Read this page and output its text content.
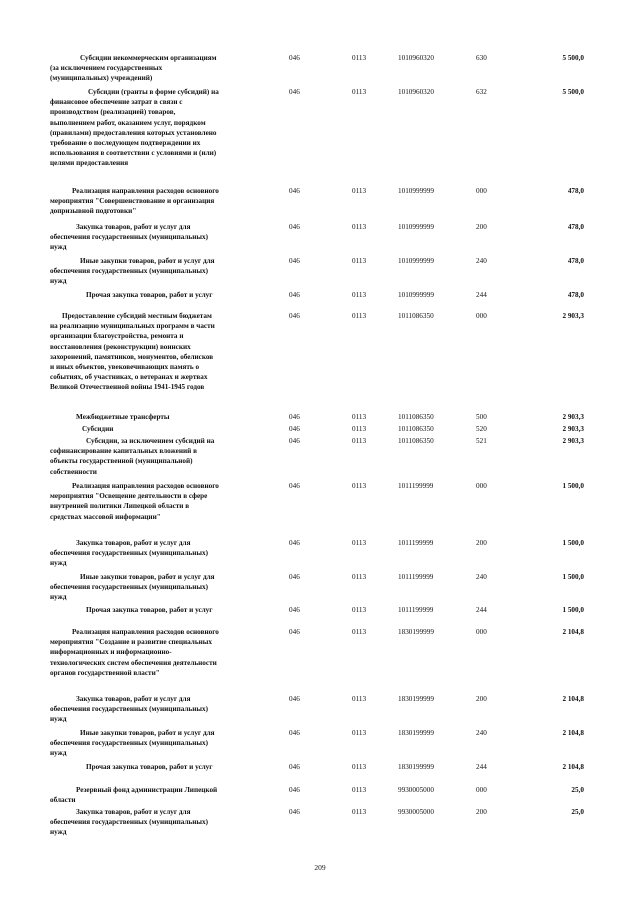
Субсидии некоммерческим организациям
(за исключением государственных
(муниципальных) учреждений)
046	0113	1010960320	630	5 500,0
Субсидии (гранты в форме субсидий) на
финансовое обеспечение затрат в связи с
производством (реализацией) товаров,
выполнением работ, оказанием услуг, порядком
(правилами) предоставления которых установлено
требование о последующем подтверждении их
использования в соответствии с условиями и (или)
целями предоставления
046	0113	1010960320	632	5 500,0
Реализация направления расходов основного
мероприятия "Совершенствование и организация
допризывной подготовки"
046	0113	1010999999	000	478,0
Закупка товаров, работ и услуг для
обеспечения государственных (муниципальных)
нужд
046	0113	1010999999	200	478,0
Иные закупки товаров, работ и услуг для
обеспечения государственных (муниципальных)
нужд
046	0113	1010999999	240	478,0
Прочая закупка товаров, работ и услуг	046	0113	1010999999	244	478,0
Предоставление субсидий местным бюджетам
на реализацию муниципальных программ в части
организации благоустройства, ремонта и
восстановления (реконструкции) воинских
захоронений, памятников, монументов, обелисков
и иных объектов, увековечивающих память о
событиях, об участниках, о ветеранах и жертвах
Великой Отечественной войны 1941-1945 годов
046	0113	1011086350	000	2 903,3
Межбюджетные трансферты	046	0113	1011086350	500	2 903,3
Субсидии	046	0113	1011086350	520	2 903,3
Субсидии, за исключением субсидий на
софинансирование капитальных вложений в
объекты государственной (муниципальной)
собственности
046	0113	1011086350	521	2 903,3
Реализация направления расходов основного
мероприятия "Освещение деятельности в сфере
внутренней политики Липецкой области в
средствах массовой информации"
046	0113	1011199999	000	1 500,0
Закупка товаров, работ и услуг для
обеспечения государственных (муниципальных)
нужд
046	0113	1011199999	200	1 500,0
Иные закупки товаров, работ и услуг для
обеспечения государственных (муниципальных)
нужд
046	0113	1011199999	240	1 500,0
Прочая закупка товаров, работ и услуг	046	0113	1011199999	244	1 500,0
Реализация направления расходов основного
мероприятия "Создание и развитие специальных
информационных и информационно-
технологических систем обеспечения деятельности
органов государственной власти"
046	0113	1830199999	000	2 104,8
Закупка товаров, работ и услуг для
обеспечения государственных (муниципальных)
нужд
046	0113	1830199999	200	2 104,8
Иные закупки товаров, работ и услуг для
обеспечения государственных (муниципальных)
нужд
046	0113	1830199999	240	2 104,8
Прочая закупка товаров, работ и услуг	046	0113	1830199999	244	2 104,8
Резервный фонд администрации Липецкой
области
046	0113	9930005000	000	25,0
Закупка товаров, работ и услуг для
обеспечения государственных (муниципальных)
нужд
046	0113	9930005000	200	25,0
209
